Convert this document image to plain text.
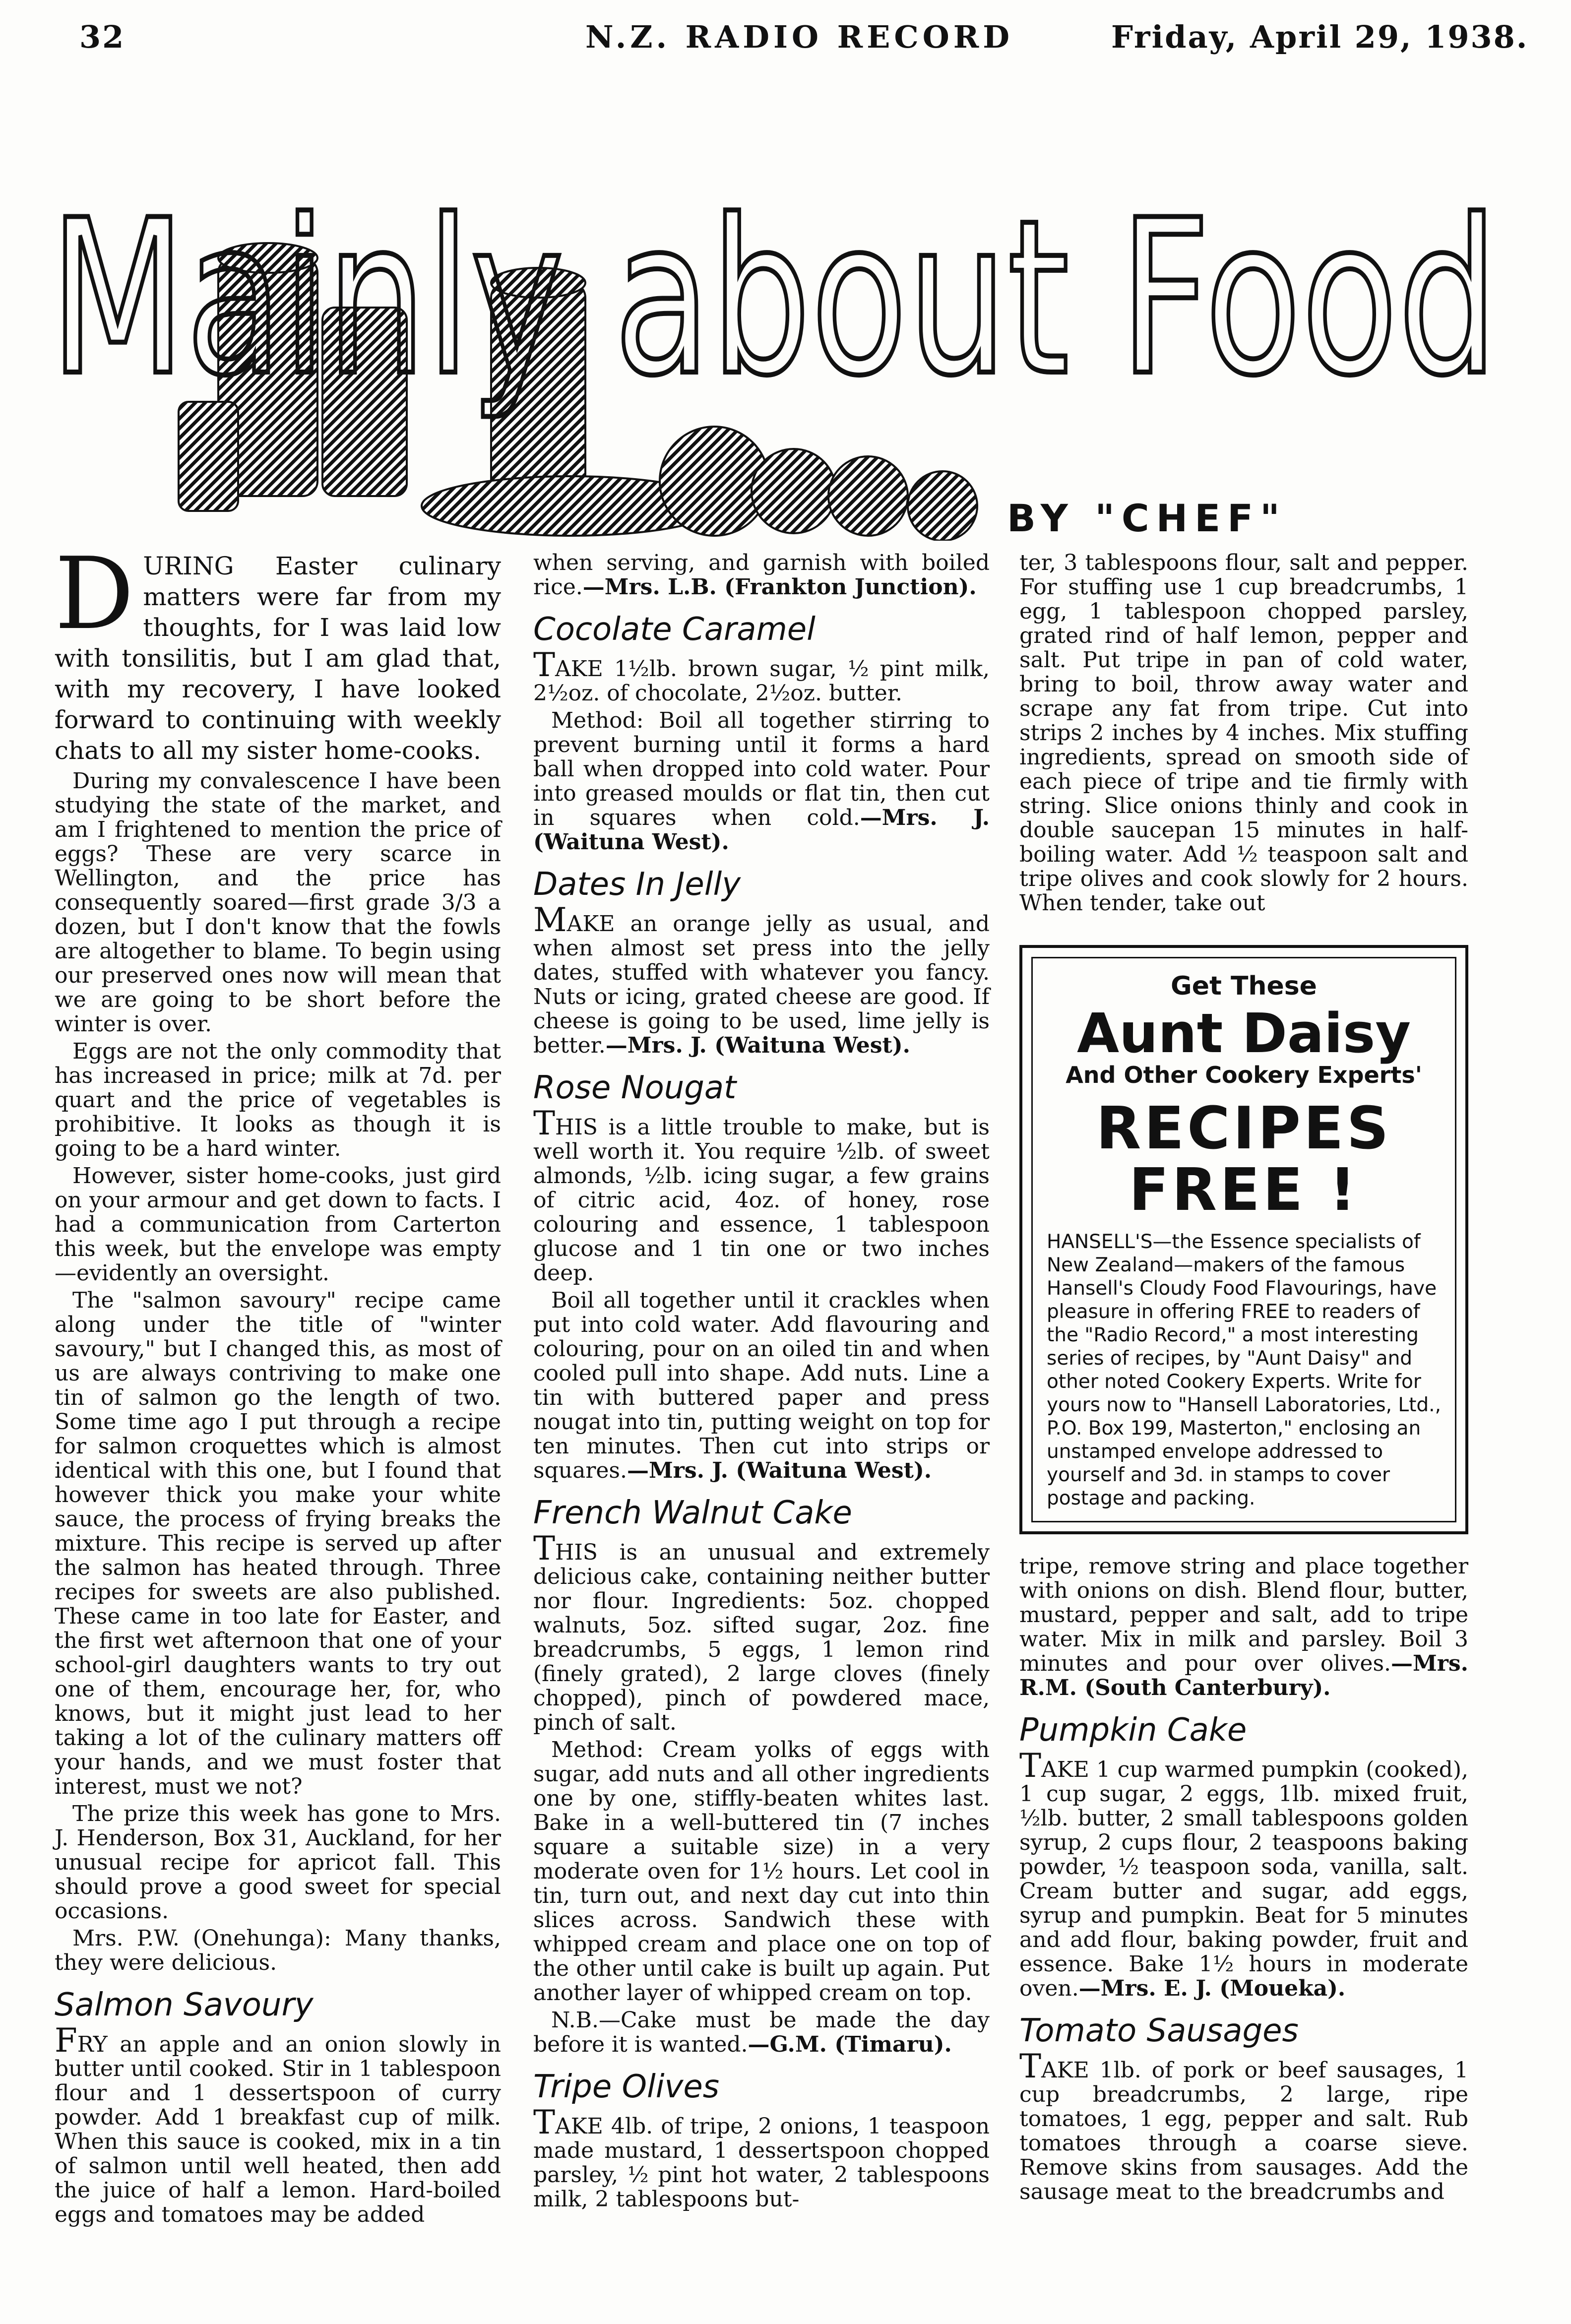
32	N.Z. RADIO RECORD	Friday, April 29, 1938.
Mainly about Food
BY "CHEF"

DURING Easter culinary matters were far from my thoughts, for I was laid low with tonsilitis, but I am glad that, with my recovery, I have looked forward to continuing with weekly chats to all my sister home-cooks.

During my convalescence I have been studying the state of the market, and am I frightened to mention the price of eggs? These are very scarce in Wellington, and the price has consequently soared—first grade 3/3 a dozen, but I don't know that the fowls are altogether to blame. To begin using our preserved ones now will mean that we are going to be short before the winter is over.

Eggs are not the only commodity that has increased in price; milk at 7d. per quart and the price of vegetables is prohibitive. It looks as though it is going to be a hard winter.

However, sister home-cooks, just gird on your armour and get down to facts. I had a communication from Carterton this week, but the envelope was empty —evidently an oversight.

The "salmon savoury" recipe came along under the title of "winter savoury," but I changed this, as most of us are always contriving to make one tin of salmon go the length of two. Some time ago I put through a recipe for salmon croquettes which is almost identical with this one, but I found that however thick you make your white sauce, the process of frying breaks the mixture. This recipe is served up after the salmon has heated through. Three recipes for sweets are also published. These came in too late for Easter, and the first wet afternoon that one of your school-girl daughters wants to try out one of them, encourage her, for, who knows, but it might just lead to her taking a lot of the culinary matters off your hands, and we must foster that interest, must we not?

The prize this week has gone to Mrs. J. Henderson, Box 31, Auckland, for her unusual recipe for apricot fall. This should prove a good sweet for special occasions.

Mrs. P.W. (Onehunga): Many thanks, they were delicious.

Salmon Savoury

FRY an apple and an onion slowly in butter until cooked. Stir in 1 tablespoon flour and 1 dessertspoon of curry powder. Add 1 breakfast cup of milk. When this sauce is cooked, mix in a tin of salmon until well heated, then add the juice of half a lemon. Hard-boiled eggs and tomatoes may be added

when serving, and garnish with boiled rice.—Mrs. L.B. (Frankton Junction).

Cocolate Caramel

TAKE 1½lb. brown sugar, ½ pint milk, 2½oz. of chocolate, 2½oz. butter.

Method: Boil all together stirring to prevent burning until it forms a hard ball when dropped into cold water. Pour into greased moulds or flat tin, then cut in squares when cold.—Mrs. J. (Waituna West).

Dates In Jelly

MAKE an orange jelly as usual, and when almost set press into the jelly dates, stuffed with whatever you fancy. Nuts or icing, grated cheese are good. If cheese is going to be used, lime jelly is better.—Mrs. J. (Waituna West).

Rose Nougat

THIS is a little trouble to make, but is well worth it. You require ½lb. of sweet almonds, ½lb. icing sugar, a few grains of citric acid, 4oz. of honey, rose colouring and essence, 1 tablespoon glucose and 1 tin one or two inches deep.

Boil all together until it crackles when put into cold water. Add flavouring and colouring, pour on an oiled tin and when cooled pull into shape. Add nuts. Line a tin with buttered paper and press nougat into tin, putting weight on top for ten minutes. Then cut into strips or squares.—Mrs. J. (Waituna West).

French Walnut Cake

THIS is an unusual and extremely delicious cake, containing neither butter nor flour. Ingredients: 5oz. chopped walnuts, 5oz. sifted sugar, 2oz. fine breadcrumbs, 5 eggs, 1 lemon rind (finely grated), 2 large cloves (finely chopped), pinch of powdered mace, pinch of salt.

Method: Cream yolks of eggs with sugar, add nuts and all other ingredients one by one, stiffly-beaten whites last. Bake in a well-buttered tin (7 inches square a suitable size) in a very moderate oven for 1½ hours. Let cool in tin, turn out, and next day cut into thin slices across. Sandwich these with whipped cream and place one on top of the other until cake is built up again. Put another layer of whipped cream on top.

N.B.—Cake must be made the day before it is wanted.—G.M. (Timaru).

Tripe Olives

TAKE 4lb. of tripe, 2 onions, 1 teaspoon made mustard, 1 dessertspoon chopped parsley, ½ pint hot water, 2 tablespoons milk, 2 tablespoons but-

ter, 3 tablespoons flour, salt and pepper. For stuffing use 1 cup breadcrumbs, 1 egg, 1 tablespoon chopped parsley, grated rind of half lemon, pepper and salt. Put tripe in pan of cold water, bring to boil, throw away water and scrape any fat from tripe. Cut into strips 2 inches by 4 inches. Mix stuffing ingredients, spread on smooth side of each piece of tripe and tie firmly with string. Slice onions thinly and cook in double saucepan 15 minutes in half-boiling water. Add ½ teaspoon salt and tripe olives and cook slowly for 2 hours. When tender, take out

Get These
Aunt Daisy
And Other Cookery Experts'
RECIPES
FREE !
HANSELL'S—the Essence specialists of New Zealand—makers of the famous Hansell's Cloudy Food Flavourings, have pleasure in offering FREE to readers of the "Radio Record," a most interesting series of recipes, by "Aunt Daisy" and other noted Cookery Experts. Write for yours now to "Hansell Laboratories, Ltd., P.O. Box 199, Masterton," enclosing an unstamped envelope addressed to yourself and 3d. in stamps to cover postage and packing.

tripe, remove string and place together with onions on dish. Blend flour, butter, mustard, pepper and salt, add to tripe water. Mix in milk and parsley. Boil 3 minutes and pour over olives.—Mrs. R.M. (South Canterbury).

Pumpkin Cake

TAKE 1 cup warmed pumpkin (cooked), 1 cup sugar, 2 eggs, 1lb. mixed fruit, ½lb. butter, 2 small tablespoons golden syrup, 2 cups flour, 2 teaspoons baking powder, ½ teaspoon soda, vanilla, salt. Cream butter and sugar, add eggs, syrup and pumpkin. Beat for 5 minutes and add flour, baking powder, fruit and essence. Bake 1½ hours in moderate oven.—Mrs. E. J. (Moueka).

Tomato Sausages

TAKE 1lb. of pork or beef sausages, 1 cup breadcrumbs, 2 large, ripe tomatoes, 1 egg, pepper and salt. Rub tomatoes through a coarse sieve. Remove skins from sausages. Add the sausage meat to the breadcrumbs and
